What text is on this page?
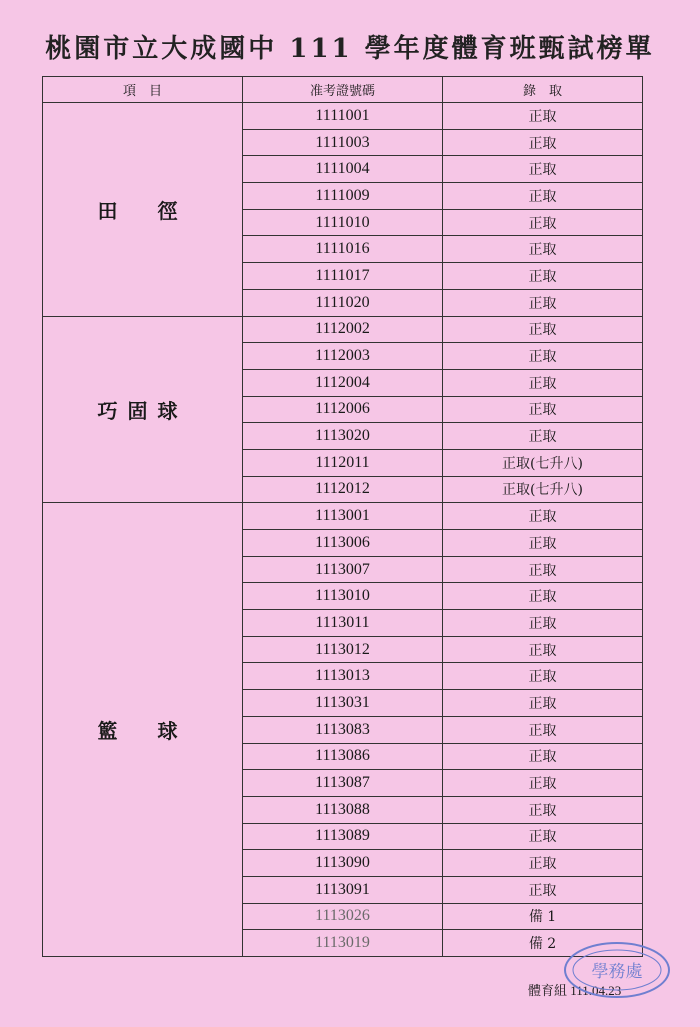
桃園市立大成國中 111 學年度體育班甄試榜單
項　目	准考證號碼	錄　取
田　徑	1111001	正取
	1111003	正取
	1111004	正取
	1111009	正取
	1111010	正取
	1111016	正取
	1111017	正取
	1111020	正取
巧固球	1112002	正取
	1112003	正取
	1112004	正取
	1112006	正取
	1113020	正取
	1112011	正取(七升八)
	1112012	正取(七升八)
籃　球	1113001	正取
	1113006	正取
	1113007	正取
	1113010	正取
	1113011	正取
	1113012	正取
	1113013	正取
	1113031	正取
	1113083	正取
	1113086	正取
	1113087	正取
	1113088	正取
	1113089	正取
	1113090	正取
	1113091	正取
	1113026	備 1
	1113019	備 2
體育組 111.04.23
學務處
